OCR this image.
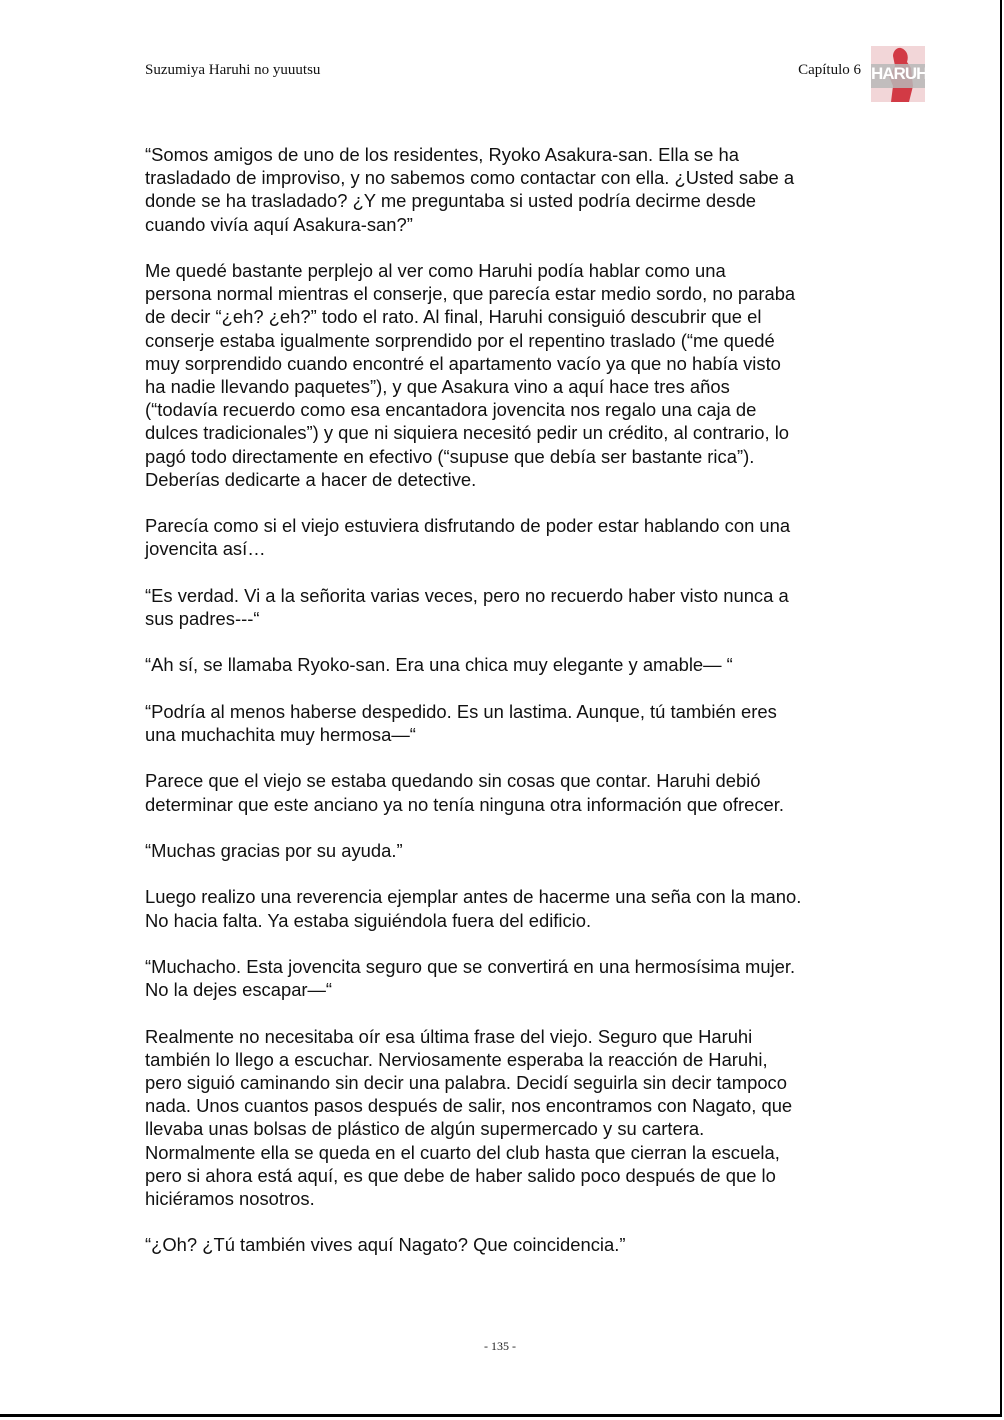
Suzumiya Haruhi no yuuutsu	Capítulo 6 HARUHI

“Somos amigos de uno de los residentes, Ryoko Asakura-san. Ella se ha
trasladado de improviso, y no sabemos como contactar con ella. ¿Usted sabe a
donde se ha trasladado? ¿Y me preguntaba si usted podría decirme desde
cuando vivía aquí Asakura-san?”

Me quedé bastante perplejo al ver como Haruhi podía hablar como una
persona normal mientras el conserje, que parecía estar medio sordo, no paraba
de decir “¿eh? ¿eh?” todo el rato. Al final, Haruhi consiguió descubrir que el
conserje estaba igualmente sorprendido por el repentino traslado (“me quedé
muy sorprendido cuando encontré el apartamento vacío ya que no había visto
ha nadie llevando paquetes”), y que Asakura vino a aquí hace tres años
(“todavía recuerdo como esa encantadora jovencita nos regalo una caja de
dulces tradicionales”) y que ni siquiera necesitó pedir un crédito, al contrario, lo
pagó todo directamente en efectivo (“supuse que debía ser bastante rica”).
Deberías dedicarte a hacer de detective.

Parecía como si el viejo estuviera disfrutando de poder estar hablando con una
jovencita así…

“Es verdad. Vi a la señorita varias veces, pero no recuerdo haber visto nunca a
sus padres---“

“Ah sí, se llamaba Ryoko-san. Era una chica muy elegante y amable— “

“Podría al menos haberse despedido. Es un lastima. Aunque, tú también eres
una muchachita muy hermosa—“

Parece que el viejo se estaba quedando sin cosas que contar. Haruhi debió
determinar que este anciano ya no tenía ninguna otra información que ofrecer.

“Muchas gracias por su ayuda.”

Luego realizo una reverencia ejemplar antes de hacerme una seña con la mano.
No hacia falta. Ya estaba siguiéndola fuera del edificio.

“Muchacho. Esta jovencita seguro que se convertirá en una hermosísima mujer.
No la dejes escapar—“

Realmente no necesitaba oír esa última frase del viejo. Seguro que Haruhi
también lo llego a escuchar. Nerviosamente esperaba la reacción de Haruhi,
pero siguió caminando sin decir una palabra. Decidí seguirla sin decir tampoco
nada. Unos cuantos pasos después de salir, nos encontramos con Nagato, que
llevaba unas bolsas de plástico de algún supermercado y su cartera.
Normalmente ella se queda en el cuarto del club hasta que cierran la escuela,
pero si ahora está aquí, es que debe de haber salido poco después de que lo
hiciéramos nosotros.

“¿Oh? ¿Tú también vives aquí Nagato? Que coincidencia.”

- 135 -
